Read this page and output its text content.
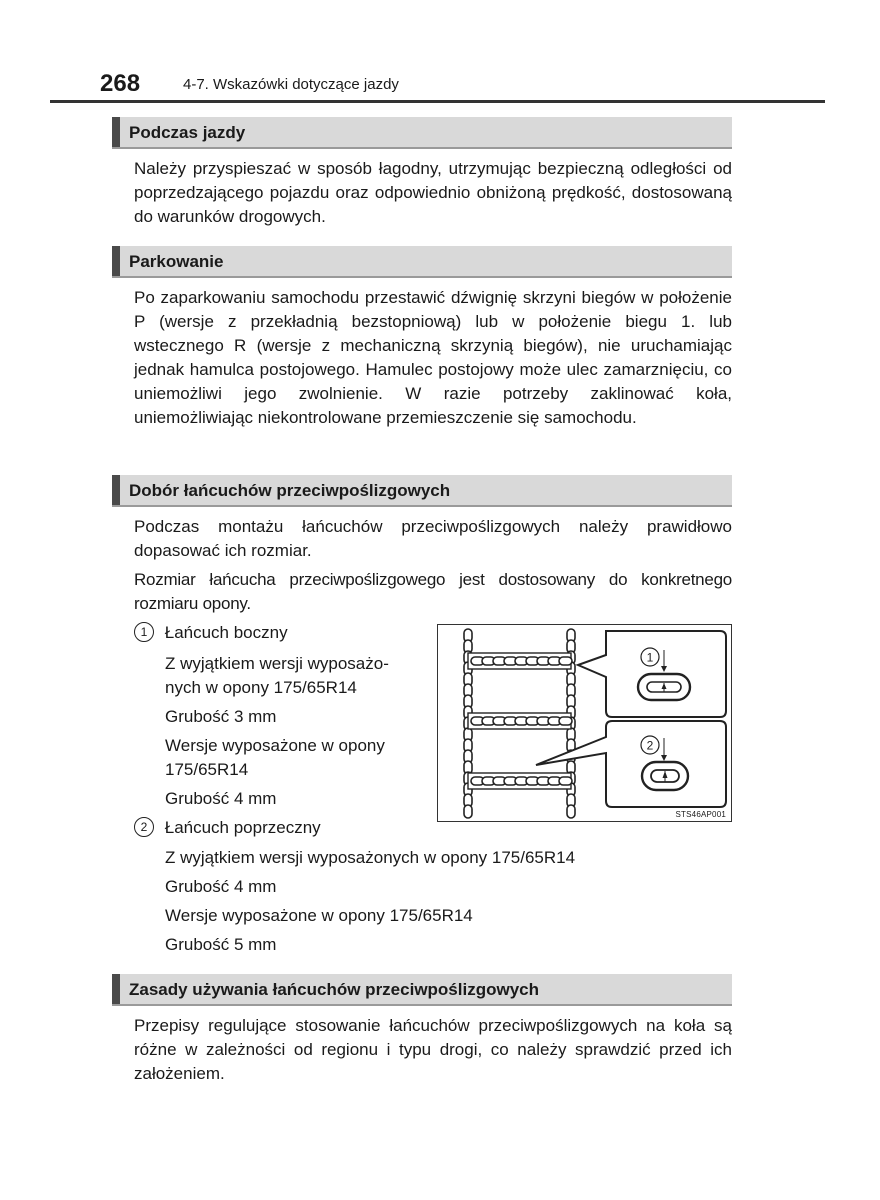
268	4-7. Wskazówki dotyczące jazdy
Podczas jazdy
Należy przyspieszać w sposób łagodny, utrzymując bezpieczną odległości od poprzedzającego pojazdu oraz odpowiednio obniżoną prędkość, dostosowaną do warunków drogowych.
Parkowanie
Po zaparkowaniu samochodu przestawić dźwignię skrzyni biegów w położenie P (wersje z przekładnią bezstopniową) lub w położenie biegu 1. lub wstecznego R (wersje z mechaniczną skrzynią biegów), nie uruchamiając jednak hamulca postojowego. Hamulec postojowy może ulec zamarznięciu, co uniemożliwi jego zwolnienie. W razie potrzeby zaklinować koła, uniemożliwiając niekontrolowane przemieszczenie się samochodu.
Dobór łańcuchów przeciwpoślizgowych
Podczas montażu łańcuchów przeciwpoślizgowych należy prawidłowo dopasować ich rozmiar.
Rozmiar łańcucha przeciwpoślizgowego jest dostosowany do konkretnego rozmiaru opony.
1 Łańcuch boczny
Z wyjątkiem wersji wyposażo-
nych w opony 175/65R14
Grubość 3 mm
Wersje wyposażone w opony
175/65R14
Grubość 4 mm
2 Łańcuch poprzeczny
Z wyjątkiem wersji wyposażonych w opony 175/65R14
Grubość 4 mm
Wersje wyposażone w opony 175/65R14
Grubość 5 mm
1
2
STS46AP001
Zasady używania łańcuchów przeciwpoślizgowych
Przepisy regulujące stosowanie łańcuchów przeciwpoślizgowych na koła są różne w zależności od regionu i typu drogi, co należy sprawdzić przed ich założeniem.
